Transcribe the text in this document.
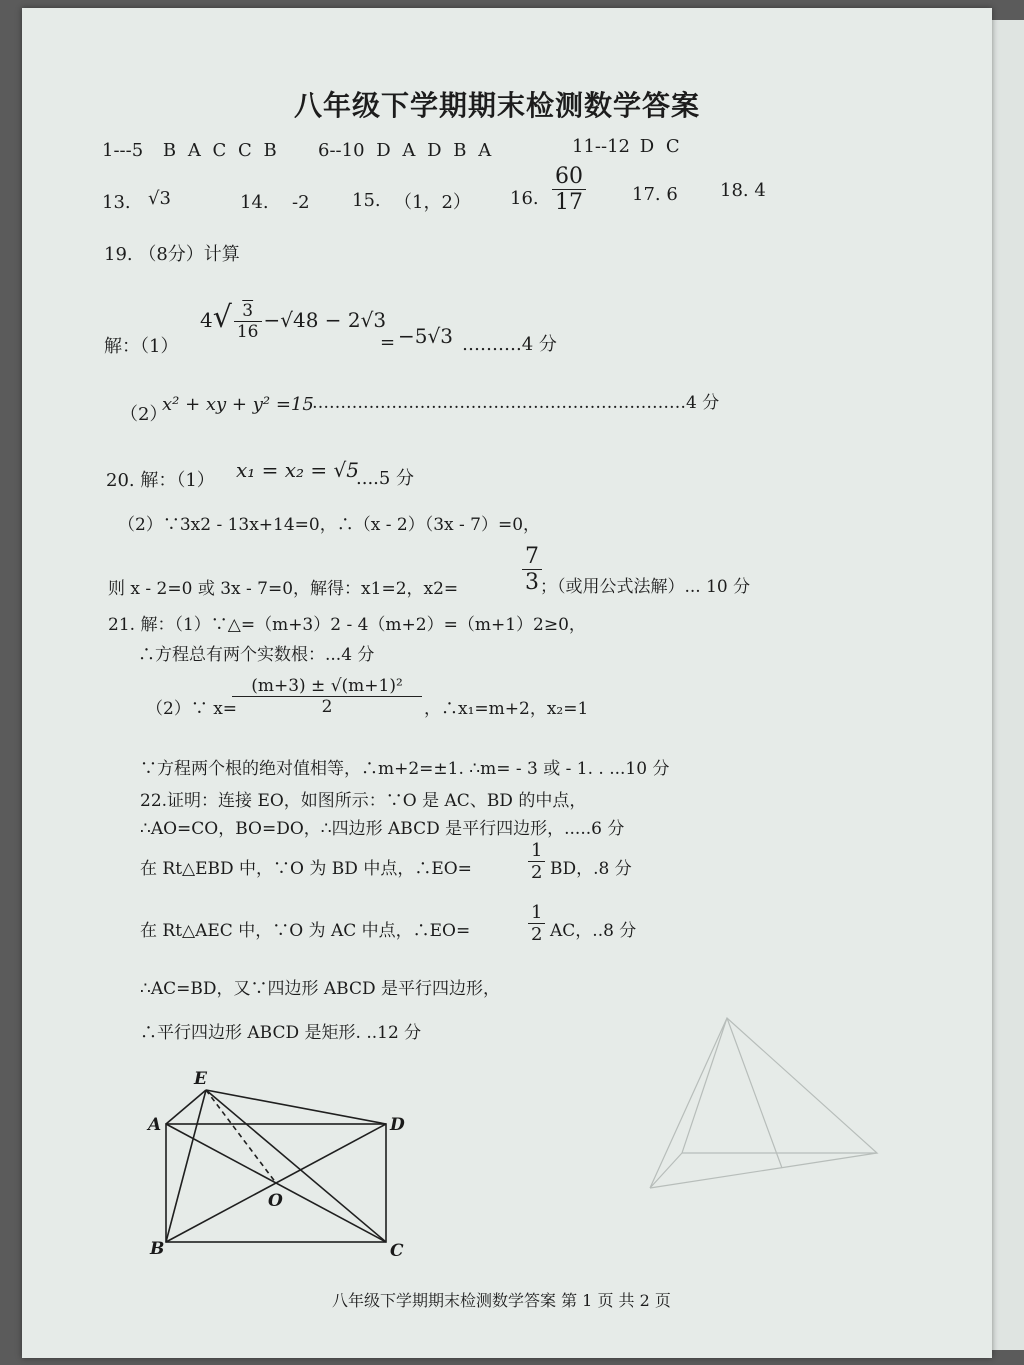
八年级下学期期末检测数学答案
1---5 B A C C B 6--10 D A D B A	11--12 D C
13. √3	14. -2 15. （1，2） 16. $\frac{60}{17}$	17. 6 18. 4
19. （8分）计算
解：（1）
$4√ \frac{3}{16} -√48 - 2√3$
= −5√3 ……….4 分
（2）
x² + xy + y² =15
…………………………………………………………4 分
20. 解：（1） x₁ = x₂ = √5
....5 分
（2）∵3x2 - 13x+14=0，∴（x - 2）（3x - 7）=0，
$\frac{7}{3}$
则 x - 2=0 或 3x - 7=0，解得：x1=2，x2=	；（或用公式法解）... 10 分
21. 解：（1）∵△=（m+3）2 - 4（m+2）=（m+1）2≥0，
∴方程总有两个实数根：...4 分
（2）∵ x=
$\frac{\text{(m+3) ± √(m+1)²}}{2}$ ，∴x₁=m+2，x₂=1
∵方程两个根的绝对值相等，∴m+2=±1. ∴m= - 3 或 - 1. . ...10 分
22.证明：连接 EO，如图所示：∵O 是 AC、BD 的中点，
∴AO=CO，BO=DO，∴四边形 ABCD 是平行四边形，.....6 分
在 Rt△EBD 中，∵O 为 BD 中点，∴EO=	$\frac{1}{2}$ BD，.8 分
在 Rt△AEC 中，∵O 为 AC 中点，∴EO=	$\frac{1}{2}$ AC，..8 分
∴AC=BD，又∵四边形 ABCD 是平行四边形，
∴平行四边形 ABCD 是矩形. ..12 分
E
A	D
O
B	C
八年级下学期期末检测数学答案 第 1 页 共 2 页
